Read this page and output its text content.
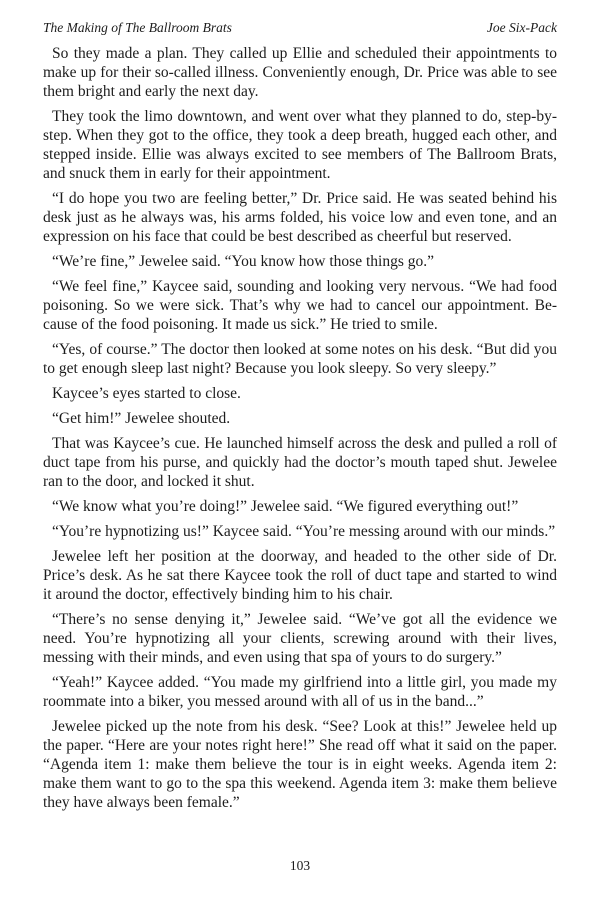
The Making of The Ballroom Brats	Joe Six-Pack

So they made a plan. They called up Ellie and scheduled their appointments to make up for their so-called illness. Conveniently enough, Dr. Price was able to see them bright and early the next day.

They took the limo downtown, and went over what they planned to do, step-by-step. When they got to the office, they took a deep breath, hugged each other, and stepped inside. Ellie was always excited to see members of The Ballroom Brats, and snuck them in early for their appointment.

“I do hope you two are feeling better,” Dr. Price said. He was seated behind his desk just as he always was, his arms folded, his voice low and even tone, and an expression on his face that could be best described as cheerful but reserved.

“We’re fine,” Jewelee said. “You know how those things go.”

“We feel fine,” Kaycee said, sounding and looking very nervous. “We had food poisoning. So we were sick. That’s why we had to cancel our appointment. Because of the food poisoning. It made us sick.” He tried to smile.

“Yes, of course.” The doctor then looked at some notes on his desk. “But did you to get enough sleep last night? Because you look sleepy. So very sleepy.”

Kaycee’s eyes started to close.

“Get him!” Jewelee shouted.

That was Kaycee’s cue. He launched himself across the desk and pulled a roll of duct tape from his purse, and quickly had the doctor’s mouth taped shut. Jewelee ran to the door, and locked it shut.

“We know what you’re doing!” Jewelee said. “We figured everything out!”

“You’re hypnotizing us!” Kaycee said. “You’re messing around with our minds.”

Jewelee left her position at the doorway, and headed to the other side of Dr. Price’s desk. As he sat there Kaycee took the roll of duct tape and started to wind it around the doctor, effectively binding him to his chair.

“There’s no sense denying it,” Jewelee said. “We’ve got all the evidence we need. You’re hypnotizing all your clients, screwing around with their lives, messing with their minds, and even using that spa of yours to do surgery.”

“Yeah!” Kaycee added. “You made my girlfriend into a little girl, you made my roommate into a biker, you messed around with all of us in the band...”

Jewelee picked up the note from his desk. “See? Look at this!” Jewelee held up the paper. “Here are your notes right here!” She read off what it said on the paper. “Agenda item 1: make them believe the tour is in eight weeks. Agenda item 2: make them want to go to the spa this weekend. Agenda item 3: make them believe they have always been female.”

103
